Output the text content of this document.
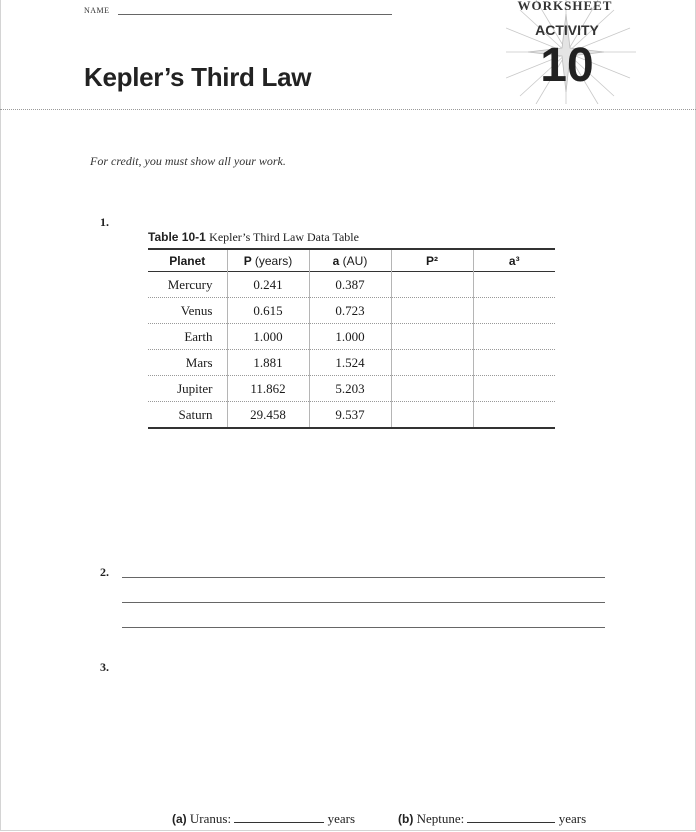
NAME
Kepler’s Third Law
WORKSHEET
ACTIVITY
10
For credit, you must show all your work.
1.
Table 10-1 Kepler’s Third Law Data Table
Planet	P (years)	a (AU)	P²	a³
Mercury	0.241	0.387		
Venus	0.615	0.723		
Earth	1.000	1.000		
Mars	1.881	1.524		
Jupiter	11.862	5.203		
Saturn	29.458	9.537		
2.
3.
(a) Uranus:	years	(b) Neptune:	years
